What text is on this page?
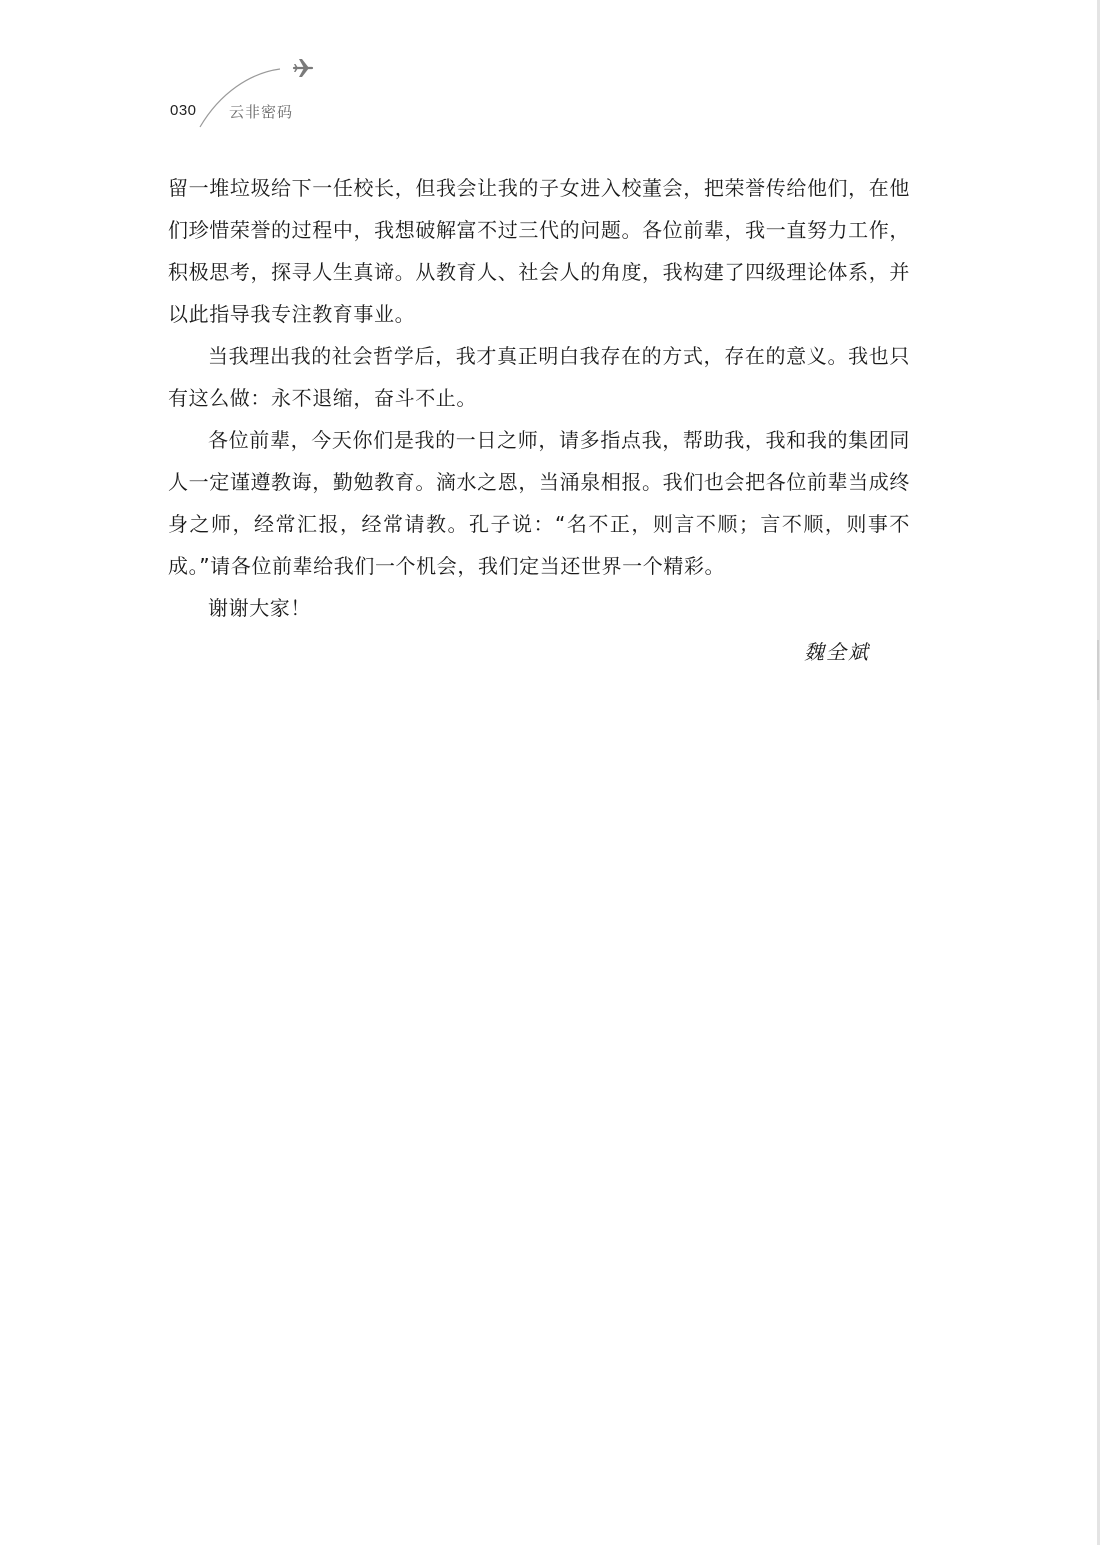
030 云非密码

留一堆垃圾给下一任校长，但我会让我的子女进入校董会，把荣誉传给他们，在他们珍惜荣誉的过程中，我想破解富不过三代的问题。各位前辈，我一直努力工作，积极思考，探寻人生真谛。从教育人、社会人的角度，我构建了四级理论体系，并以此指导我专注教育事业。

当我理出我的社会哲学后，我才真正明白我存在的方式，存在的意义。我也只有这么做：永不退缩，奋斗不止。

各位前辈，今天你们是我的一日之师，请多指点我，帮助我，我和我的集团同人一定谨遵教诲，勤勉教育。滴水之恩，当涌泉相报。我们也会把各位前辈当成终身之师，经常汇报，经常请教。孔子说：“名不正，则言不顺；言不顺，则事不成。”请各位前辈给我们一个机会，我们定当还世界一个精彩。

谢谢大家！

魏全斌
